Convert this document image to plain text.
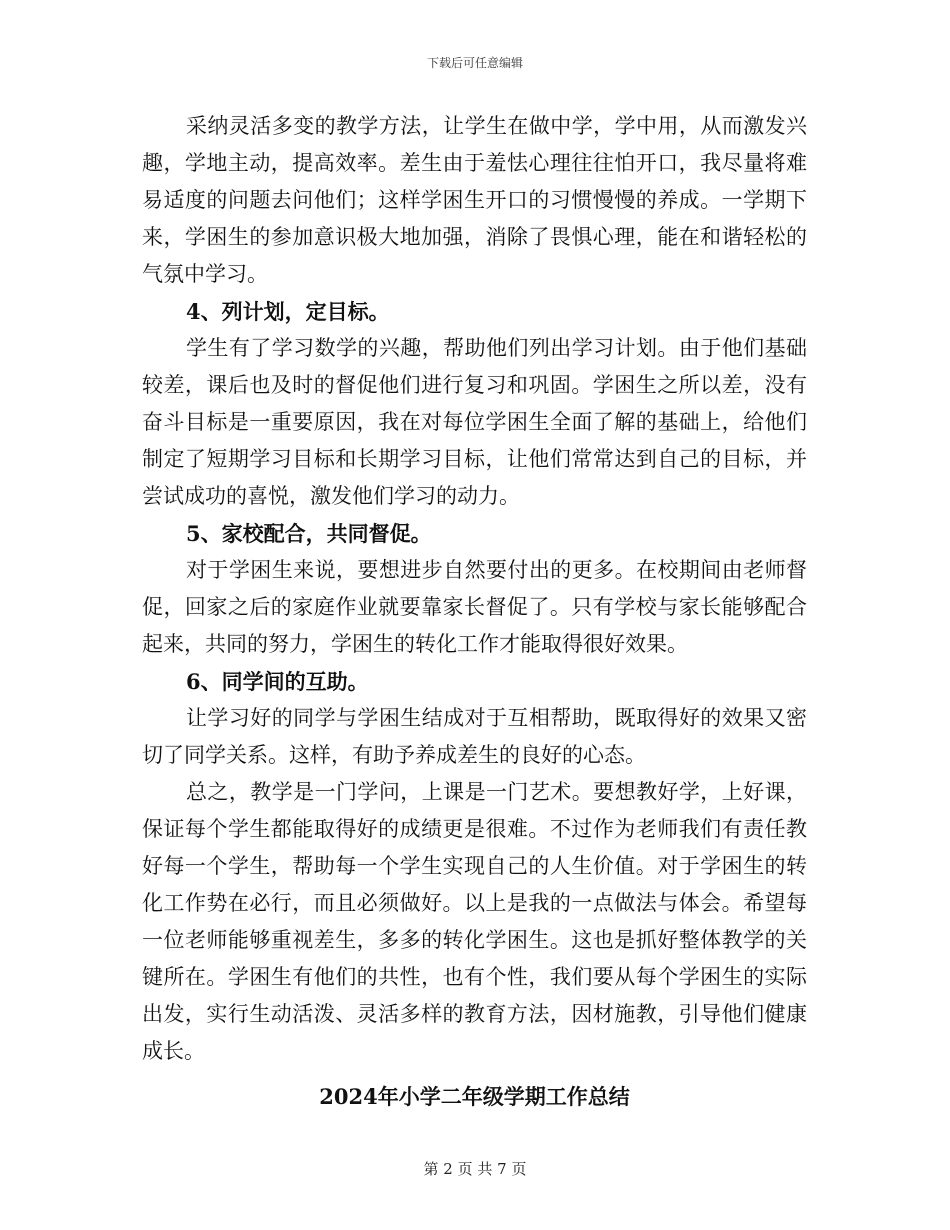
下载后可任意编辑

采纳灵活多变的教学方法，让学生在做中学，学中用，从而激发兴趣，学地主动，提高效率。差生由于羞怯心理往往怕开口，我尽量将难易适度的问题去问他们；这样学困生开口的习惯慢慢的养成。一学期下来，学困生的参加意识极大地加强，消除了畏惧心理，能在和谐轻松的气氛中学习。

4、列计划，定目标。

学生有了学习数学的兴趣，帮助他们列出学习计划。由于他们基础较差，课后也及时的督促他们进行复习和巩固。学困生之所以差，没有奋斗目标是一重要原因，我在对每位学困生全面了解的基础上，给他们制定了短期学习目标和长期学习目标，让他们常常达到自己的目标，并尝试成功的喜悦，激发他们学习的动力。

5、家校配合，共同督促。

对于学困生来说，要想进步自然要付出的更多。在校期间由老师督促，回家之后的家庭作业就要靠家长督促了。只有学校与家长能够配合起来，共同的努力，学困生的转化工作才能取得很好效果。

6、同学间的互助。

让学习好的同学与学困生结成对于互相帮助，既取得好的效果又密切了同学关系。这样，有助予养成差生的良好的心态。

总之，教学是一门学问，上课是一门艺术。要想教好学，上好课，保证每个学生都能取得好的成绩更是很难。不过作为老师我们有责任教好每一个学生，帮助每一个学生实现自己的人生价值。对于学困生的转化工作势在必行，而且必须做好。以上是我的一点做法与体会。希望每一位老师能够重视差生，多多的转化学困生。这也是抓好整体教学的关键所在。学困生有他们的共性，也有个性，我们要从每个学困生的实际出发，实行生动活泼、灵活多样的教育方法，因材施教，引导他们健康成长。

2024年小学二年级学期工作总结

第 2 页 共 7 页
